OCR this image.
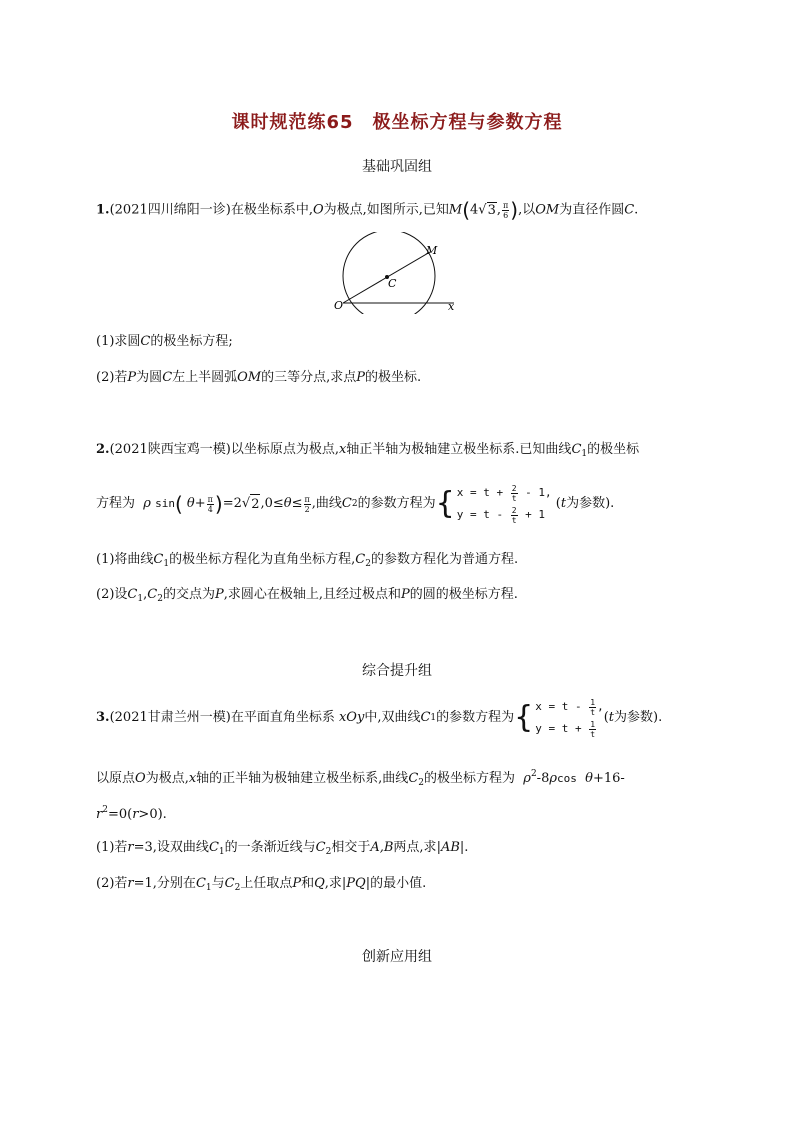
课时规范练65　极坐标方程与参数方程
基础巩固组
1.(2021四川绵阳一诊)在极坐标系中,O为极点,如图所示,已知M(4√3, $\frac{\pi}{6}$ ),以OM为直径作圆C.
M
C
O	x
(1)求圆C的极坐标方程;
(2)若P为圆C左上半圆弧OM的三等分点,求点P的极坐标.
2.(2021陕西宝鸡一模)以坐标原点为极点,x轴正半轴为极轴建立极坐标系.已知曲线$C_1$的极坐标
方程为
ρ
sin (
$\theta + \frac{\pi}{4}$ ) =2 √ 2 $,0\le \theta \le \frac{\pi}{2}$ ,曲线 C 2 的参数方程为 { $x = t + \frac{2}{t} - 1$,
$y = t - \frac{2}{t} + 1$

( t 为参数).
(1)将曲线$C_1$的极坐标方程化为直角坐标方程$,C_2$的参数方程化为普通方程.
(2)设$C_1,C_2$的交点为P,求圆心在极轴上,且经过极点和P的圆的极坐标方程.
综合提升组
3. (2021甘肃兰州一模) 在平面直角坐标系
xOy 中,双曲线 C 1 的参数方程为 { $x = t - \frac{1}{t}$ ,
$y = t + \frac{1}{t}$
( t 为参数).
以原点O为极点,x轴的正半轴为极轴建立极坐标系,曲线$C_2$的极坐标方程为 $\rho^2-8\rho\cos$ θ+16-
$r^2=0(r>0)$.
(1)若r=3,设双曲线$C_1$的一条渐近线与$C_2$相交于A,B两点,求|AB|.
(2)若r=1,分别在$C_1$与$C_2$上任取点P和Q,求|PQ|的最小值.
创新应用组
